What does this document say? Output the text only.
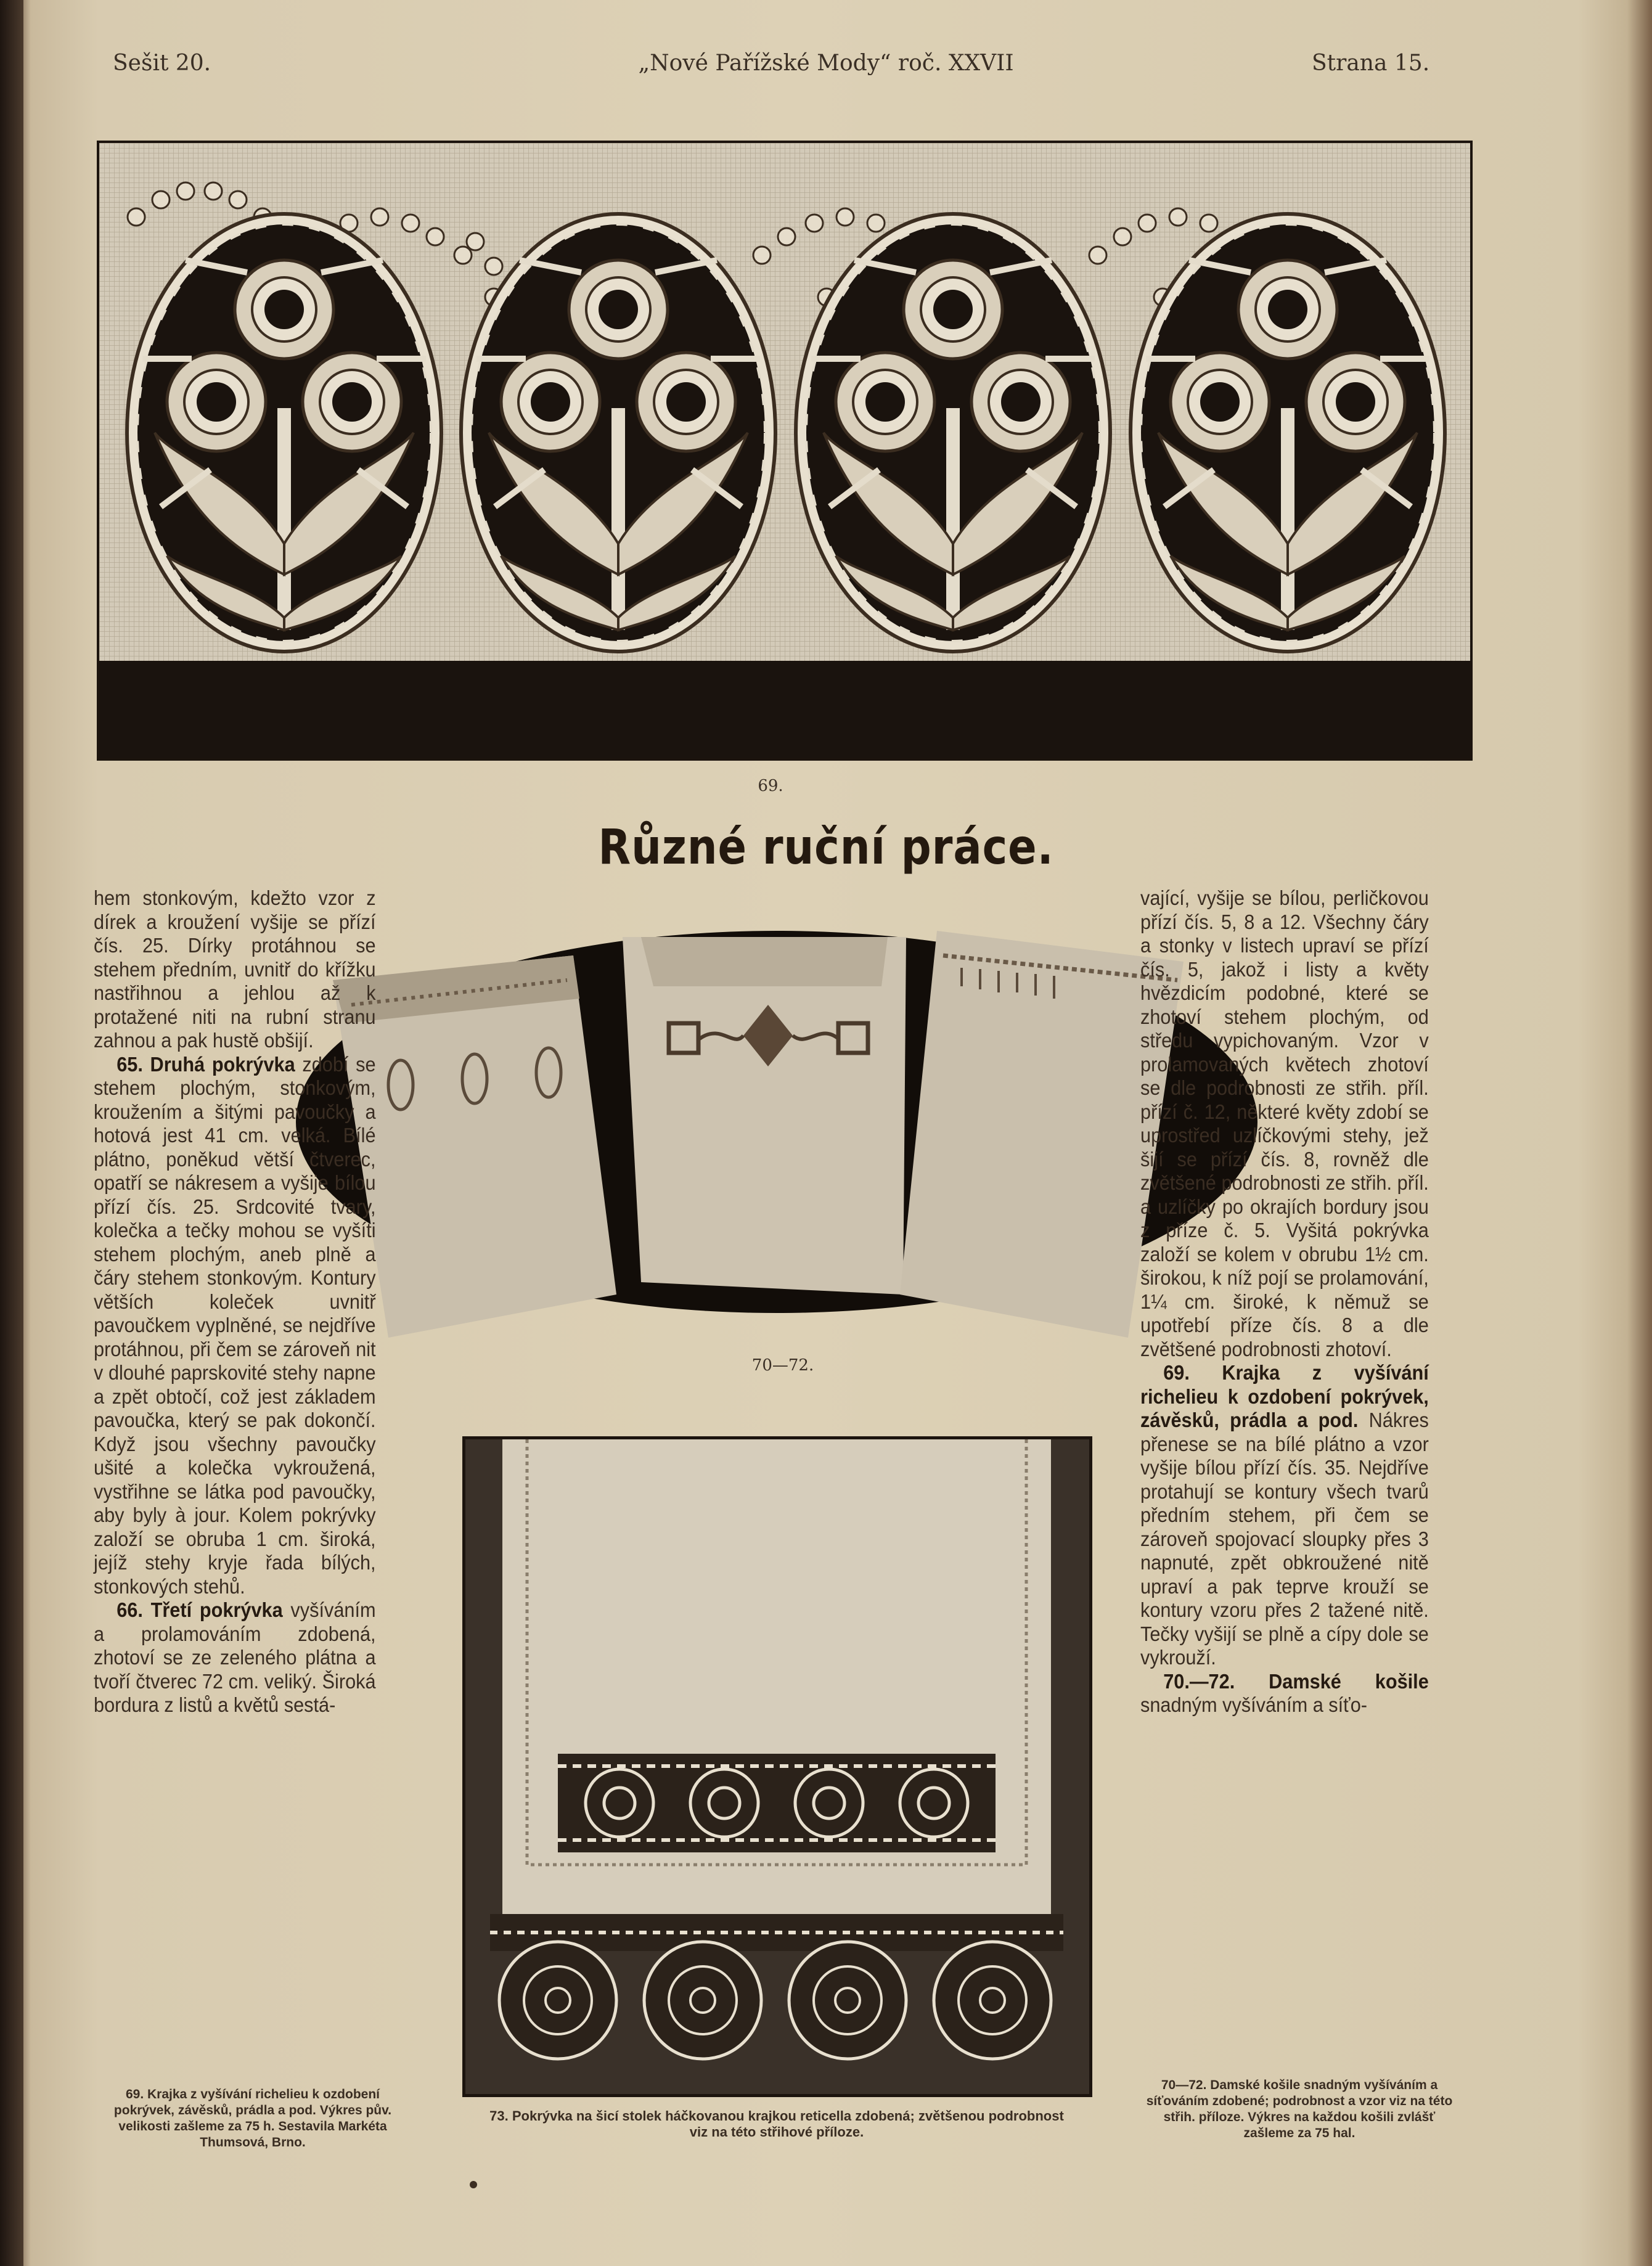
Sešit 20.	„Nové Pařížské Mody“ roč. XXVII	Strana 15.
69.
Různé ruční práce.
70—72.
73. Pokrývka na šicí stolek háčkovanou krajkou reticella zdobená; zvětšenou podrobnost viz na této střihové příloze.

hem stonkovým, kdežto vzor z dírek a kroužení vyšije se přízí čís. 25. Dírky protáhnou se stehem předním, uvnitř do křížku nastřihnou a jehlou až k protažené niti na rubní stranu zahnou a pak hustě obšijí.

65. Druhá pokrývka zdobí se stehem plochým, stonkovým, kroužením a šitými pavoučky a hotová jest 41 cm. velká. Bílé plátno, poněkud větší čtverec, opatří se nákresem a vyšije bílou přízí čís. 25. Srdcovité tvary, kolečka a tečky mohou se vyšíti stehem plochým, aneb plně a čáry stehem stonkovým. Kontury větších koleček uvnitř pavoučkem vyplněné, se nejdříve protáhnou, při čem se zároveň nit v dlouhé paprskovité stehy napne a zpět obtočí, což jest základem pavoučka, který se pak dokončí. Když jsou všechny pavoučky ušité a kolečka vykroužená, vystřihne se látka pod pavoučky, aby byly à jour. Kolem pokrývky založí se obruba 1 cm. široká, jejíž stehy kryje řada bílých, stonkových stehů.

66. Třetí pokrývka vyšíváním a prolamováním zdobená, zhotoví se ze zeleného plátna a tvoří čtverec 72 cm. veliký. Široká bordura z listů a květů sestá-

vající, vyšije se bílou, perličkovou přízí čís. 5, 8 a 12. Všechny čáry a stonky v listech upraví se přízí čís. 5, jakož i listy a květy hvězdicím podobné, které se zhotoví stehem plochým, od středu vypichovaným. Vzor v prolamovaných květech zhotoví se dle podrobnosti ze střih. příl. přízí č. 12, některé květy zdobí se uprostřed uzlíčkovými stehy, jež šijí se přízí čís. 8, rovněž dle zvětšené podrobnosti ze střih. příl. a uzlíčky po okrajích bordury jsou z příze č. 5. Vyšitá pokrývka založí se kolem v obrubu 1½ cm. širokou, k níž pojí se prolamování, 1¼ cm. široké, k němuž se upotřebí příze čís. 8 a dle zvětšené podrobnosti zhotoví.

69. Krajka z vyšívání richelieu k ozdobení pokrývek, závěsků, prádla a pod. Nákres přenese se na bílé plátno a vzor vyšije bílou přízí čís. 35. Nejdříve protahují se kontury všech tvarů předním stehem, při čem se zároveň spojovací sloupky přes 3 napnuté, zpět obkroužené nitě upraví a pak teprve krouží se kontury vzoru přes 2 tažené nitě. Tečky vyšijí se plně a cípy dole se vykrouží.

70.—72. Damské košile snadným vyšíváním a síťo-

69. Krajka z vyšívání richelieu k ozdobení pokrývek, závěsků, prádla a pod. Výkres pův. velikosti zašleme za 75 h. Sestavila Markéta Thumsová, Brno.
70—72. Damské košile snadným vyšíváním a síťováním zdobené; podrobnost a vzor viz na této střih. příloze. Výkres na každou košili zvlášť zašleme za 75 hal.
